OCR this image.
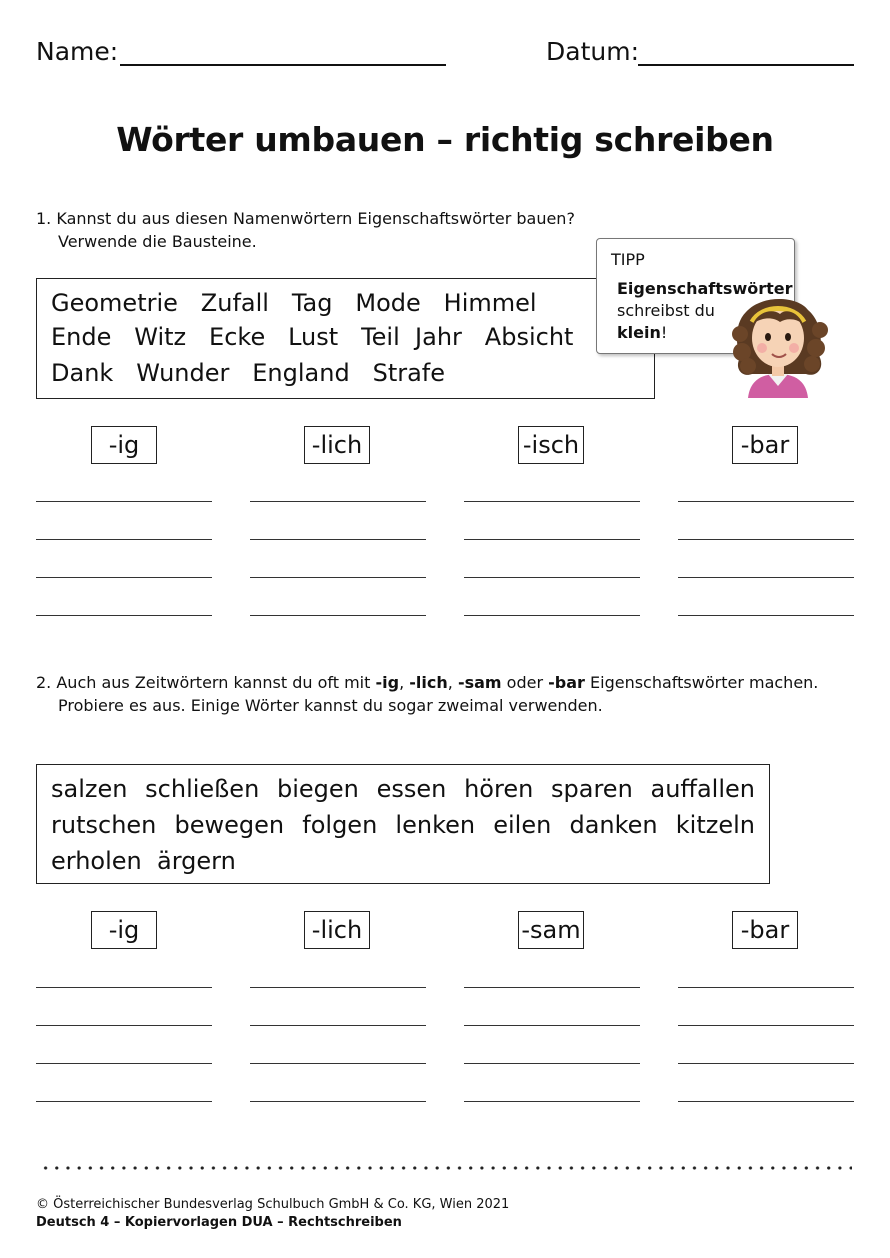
Name:	Datum:
Wörter umbauen – richtig schreiben
1. Kannst du aus diesen Namenwörtern Eigenschaftswörter bauen?
Verwende die Bausteine.
Geometrie Zufall Tag Mode Himmel
Ende Witz Ecke Lust Teil Jahr Absicht
Dank Wunder England Strafe
TIPP
Eigenschaftswörter
schreibst du
klein!
-ig	-lich	-isch	-bar
2. Auch aus Zeitwörtern kannst du oft mit -ig, -lich, -sam oder -bar Eigenschaftswörter machen.
Probiere es aus. Einige Wörter kannst du sogar zweimal verwenden.
salzen schließen biegen essen hören sparen auffallen
rutschen bewegen folgen lenken eilen danken kitzeln
erholen ärgern
-ig	-lich	-sam	-bar
© Österreichischer Bundesverlag Schulbuch GmbH & Co. KG, Wien 2021
Deutsch 4 – Kopiervorlagen DUA – Rechtschreiben
